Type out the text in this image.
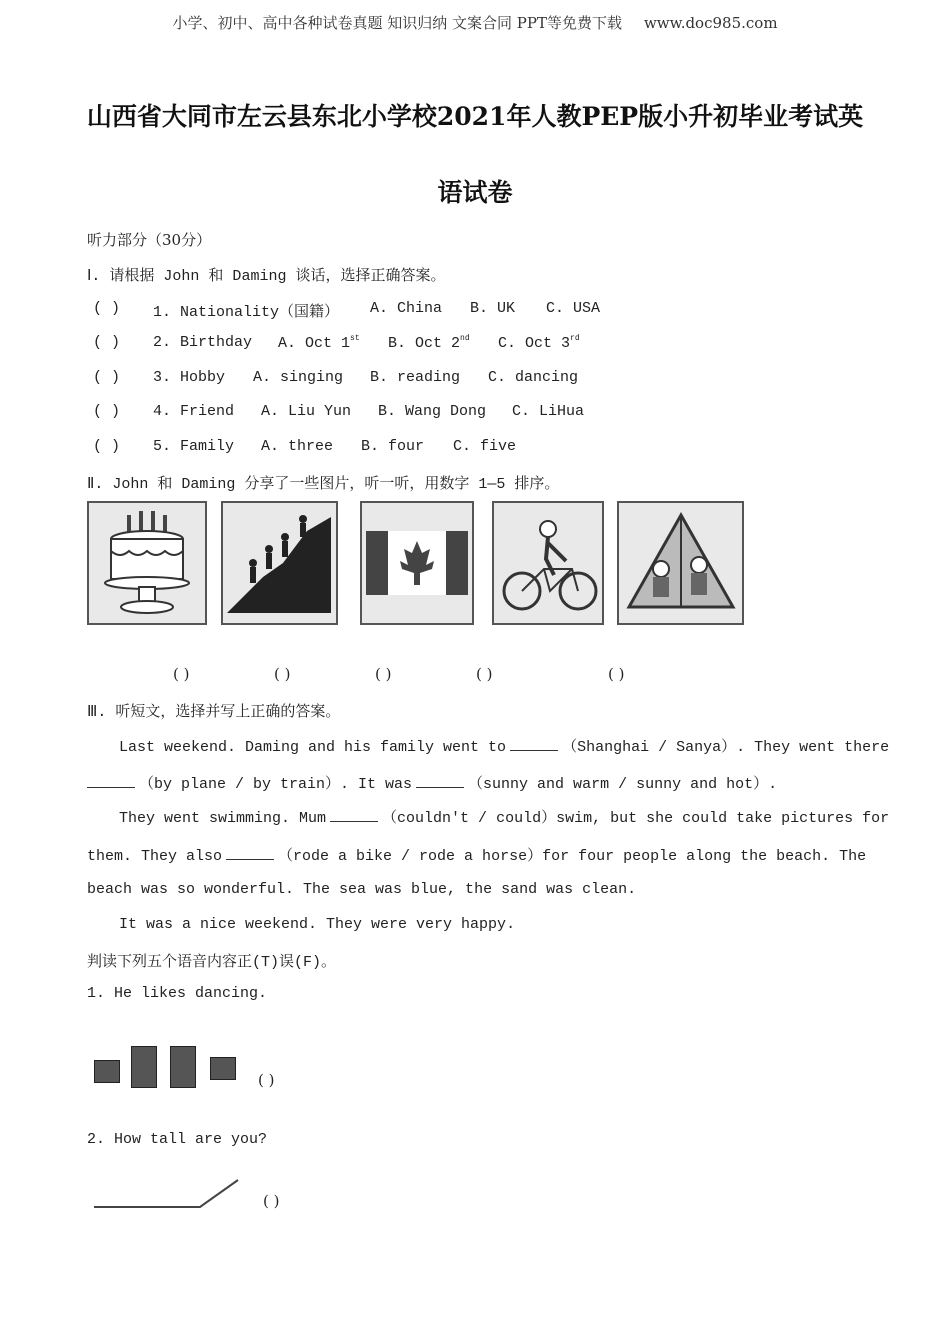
小学、初中、高中各种试卷真题 知识归纳 文案合同 PPT等免费下载 www.doc985.com
山西省大同市左云县东北小学校2021年人教PEP版小升初毕业考试英
语试卷
听力部分（30分）
Ⅰ. 请根据 John 和 Daming 谈话，选择正确答案。
( ) 1. Nationality（国籍） A. China B. UK C. USA
( ) 2. Birthday A. Oct 1st B. Oct 2nd C. Oct 3rd
( ) 3. Hobby A. singing B. reading C. dancing
( ) 4. Friend A. Liu Yun B. Wang Dong C. LiHua
( ) 5. Family A. three B. four C. five
Ⅱ. John 和 Daming 分享了一些图片，听一听，用数字 1—5 排序。
( )	( )	( )	( )	( )
Ⅲ. 听短文，选择并写上正确的答案。
Last weekend. Daming and his family went to	（Shanghai / Sanya）. They went there
（by plane / by train）. It was	（sunny and warm / sunny and hot）.
They went swimming. Mum	（couldn't / could）swim, but she could take pictures for
them. They also	（rode a bike / rode a horse）for four people along the beach. The
beach was so wonderful. The sea was blue, the sand was clean.
It was a nice weekend. They were very happy.
判读下列五个语音内容正(T)误(F)。
1. He likes dancing.
( )
2. How tall are you?
( )
